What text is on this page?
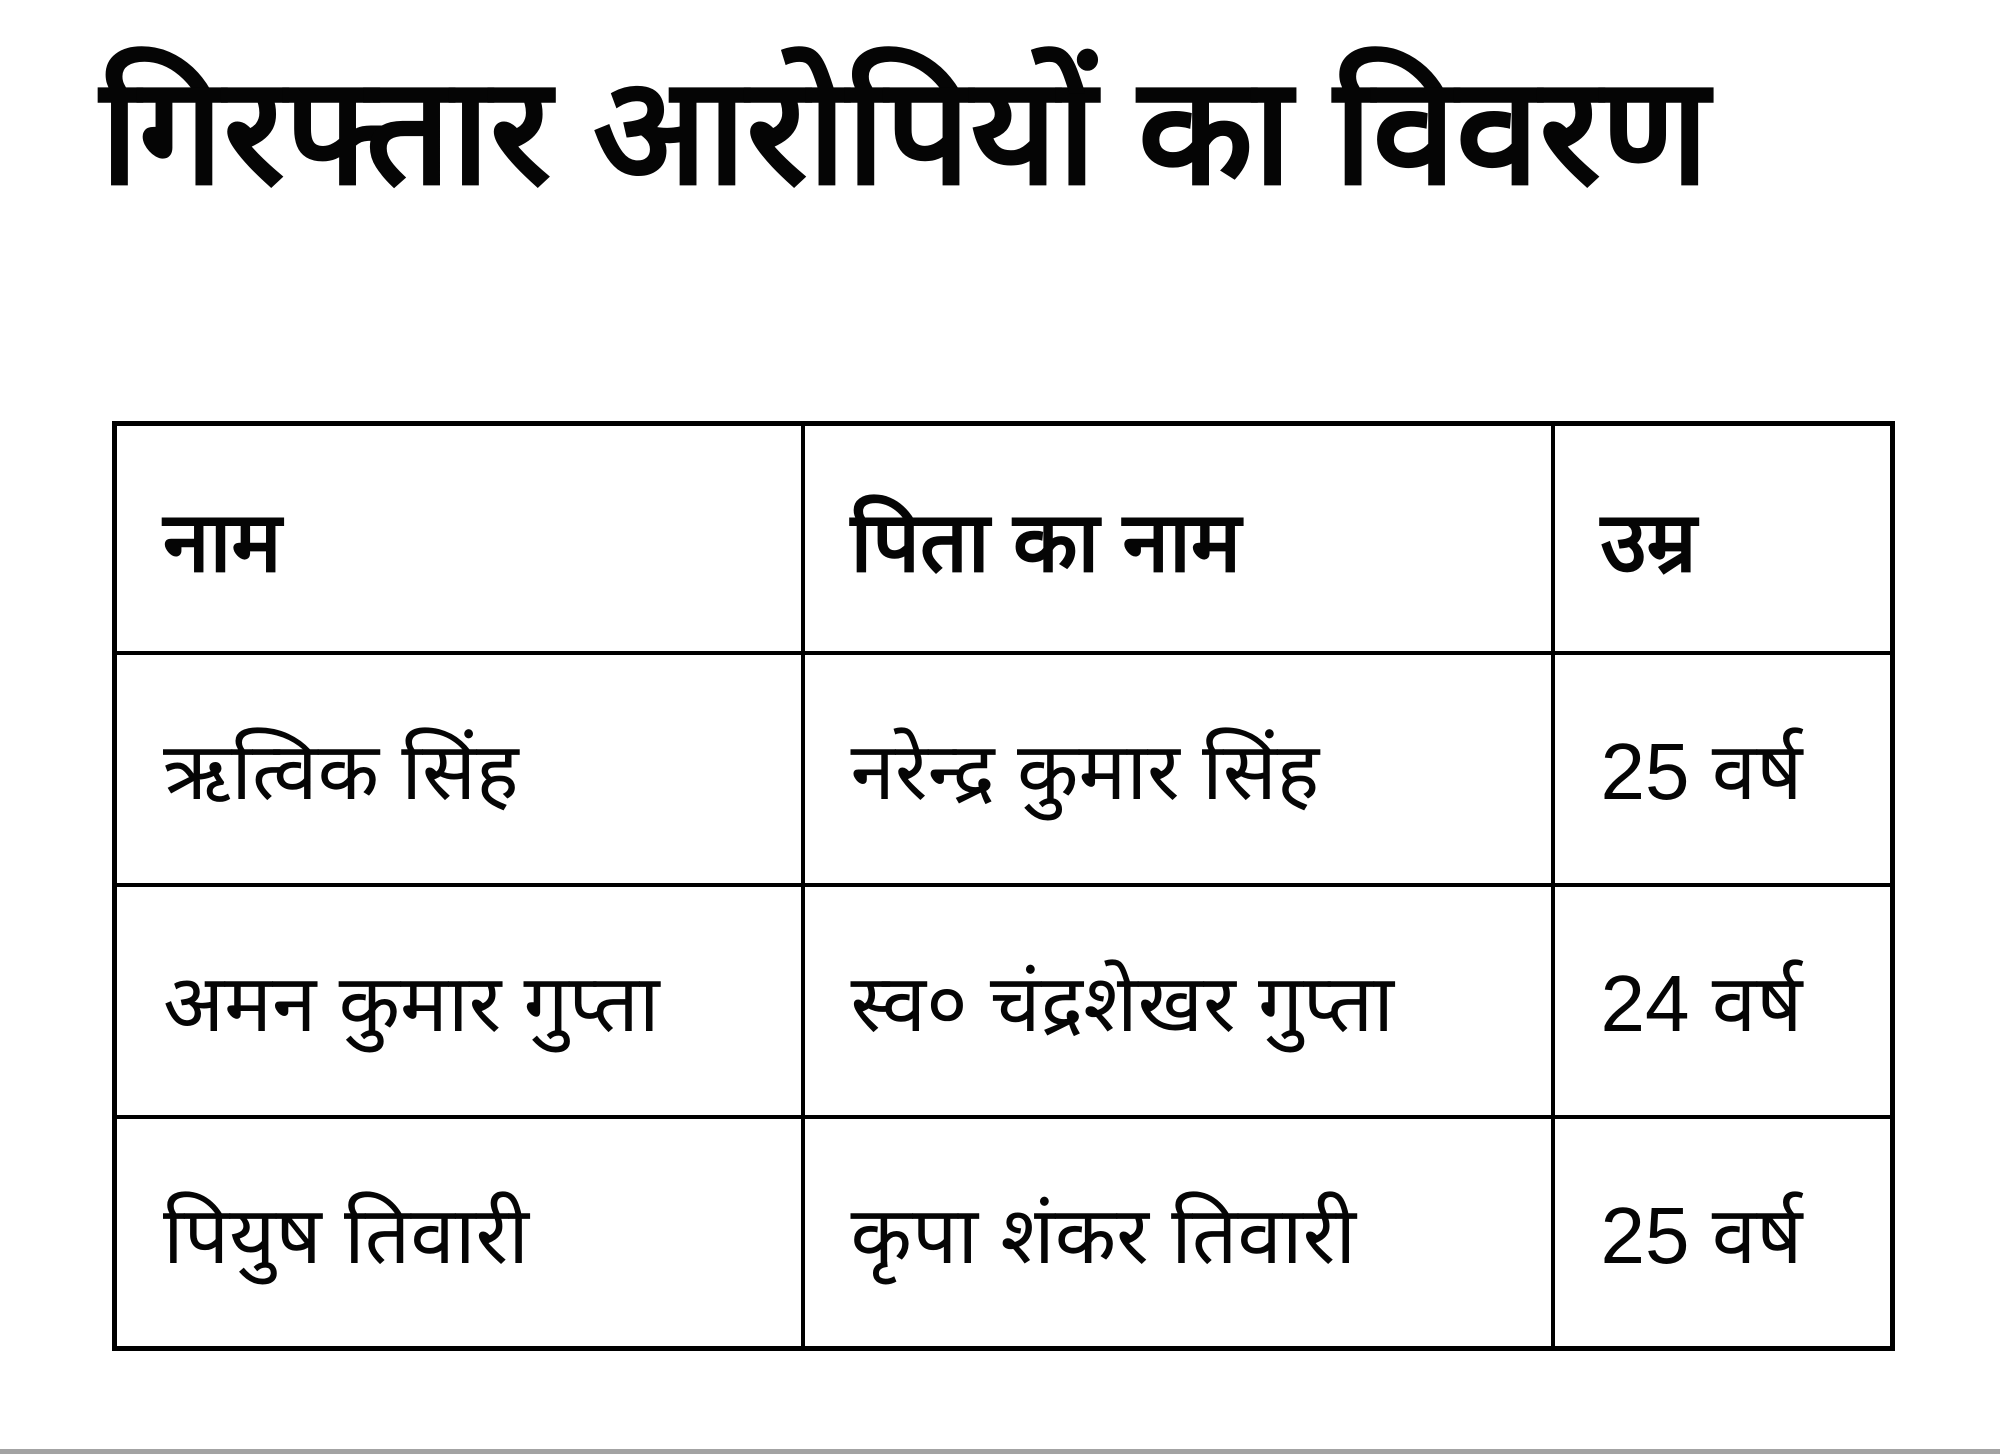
गिरफ्तार आरोपियों का विवरण
नाम	पिता का नाम	उम्र
ऋत्विक सिंह	नरेन्द्र कुमार सिंह	25 वर्ष
अमन कुमार गुप्ता	स्व० चंद्रशेखर गुप्ता	24 वर्ष
पियुष तिवारी	कृपा शंकर तिवारी	25 वर्ष
